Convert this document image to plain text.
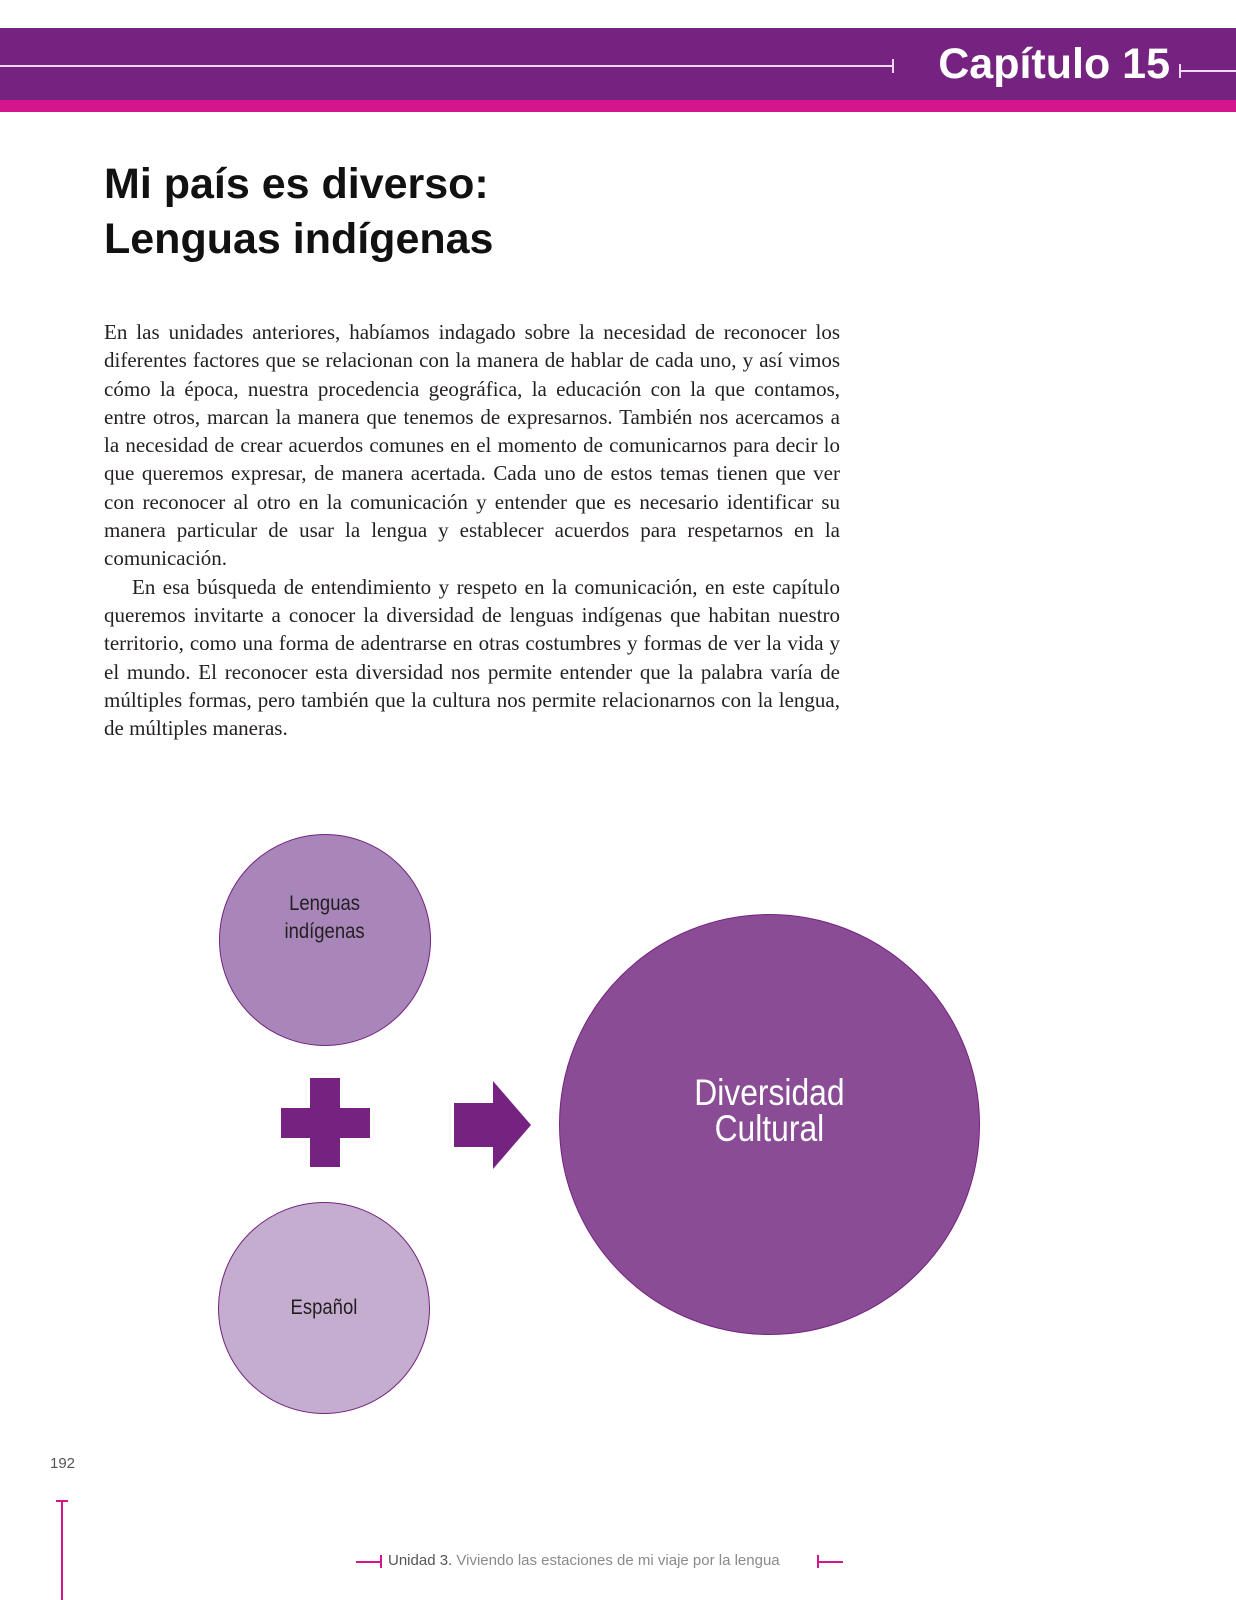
Capítulo 15
Mi país es diverso:
Lenguas indígenas

En las unidades anteriores, habíamos indagado sobre la necesidad de reconocer los diferentes factores que se relacionan con la manera de hablar de cada uno, y así vimos cómo la época, nuestra procedencia geográfica, la educación con la que contamos, entre otros, marcan la manera que tenemos de expresarnos. También nos acercamos a la necesidad de crear acuerdos comunes en el momento de comunicarnos para decir lo que queremos expresar, de manera acertada. Cada uno de estos temas tienen que ver con reconocer al otro en la comunicación y entender que es necesario identificar su manera particular de usar la lengua y establecer acuerdos para respetarnos en la comunicación.

En esa búsqueda de entendimiento y respeto en la comunicación, en este capítulo queremos invitarte a conocer la diversidad de lenguas indígenas que habitan nuestro territorio, como una forma de adentrarse en otras costumbres y formas de ver la vida y el mundo. El reconocer esta diversidad nos permite entender que la palabra varía de múltiples formas, pero también que la cultura nos permite relacionarnos con la lengua, de múltiples maneras.

Lenguas
indígenas
Español
Diversidad
Cultural
192
Unidad 3. Viviendo las estaciones de mi viaje por la lengua
